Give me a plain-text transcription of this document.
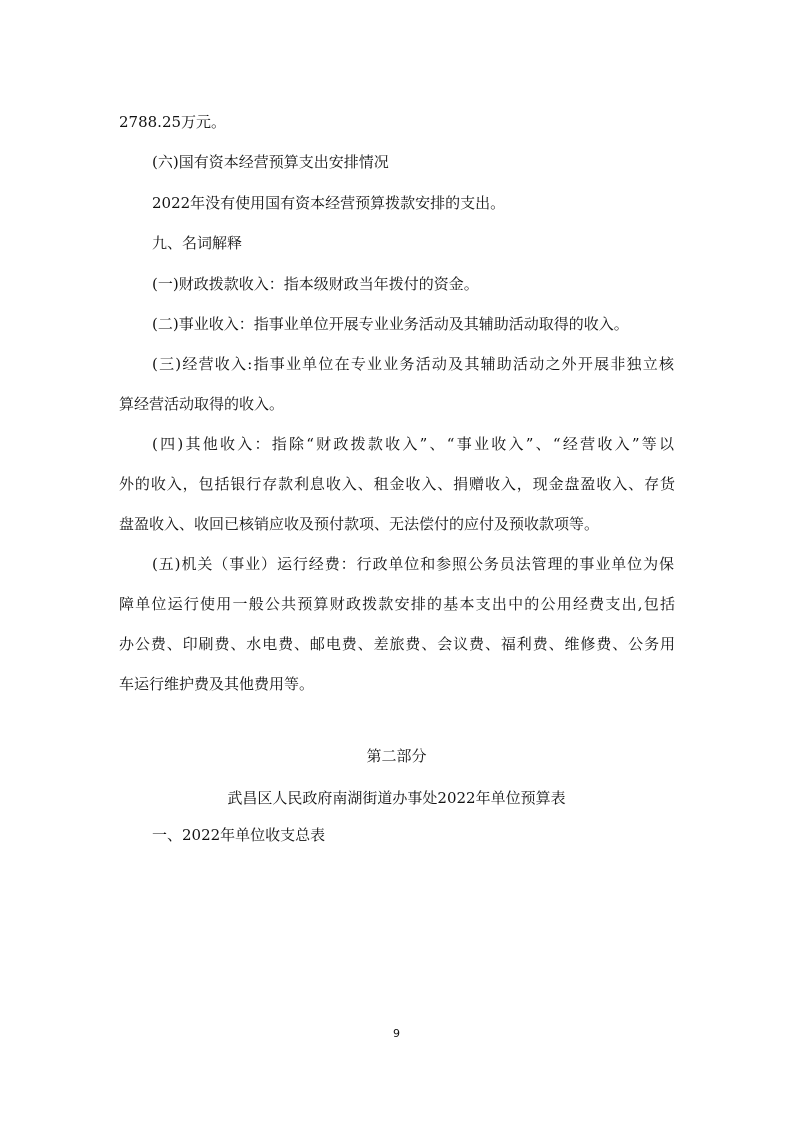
2788.25万元。

(六)国有资本经营预算支出安排情况

2022年没有使用国有资本经营预算拨款安排的支出。

九、名词解释

(一)财政拨款收入：指本级财政当年拨付的资金。

(二)事业收入：指事业单位开展专业业务活动及其辅助活动取得的收入。

(三)经营收入:指事业单位在专业业务活动及其辅助活动之外开展非独立核

算经营活动取得的收入。

(四)其他收入：指除“财政拨款收入”、“事业收入”、“经营收入”等以

外的收入，包括银行存款利息收入、租金收入、捐赠收入，现金盘盈收入、存货

盘盈收入、收回已核销应收及预付款项、无法偿付的应付及预收款项等。

(五)机关（事业）运行经费：行政单位和参照公务员法管理的事业单位为保

障单位运行使用一般公共预算财政拨款安排的基本支出中的公用经费支出,包括

办公费、印刷费、水电费、邮电费、差旅费、会议费、福利费、维修费、公务用

车运行维护费及其他费用等。

第二部分

武昌区人民政府南湖街道办事处2022年单位预算表

一、2022年单位收支总表

9
